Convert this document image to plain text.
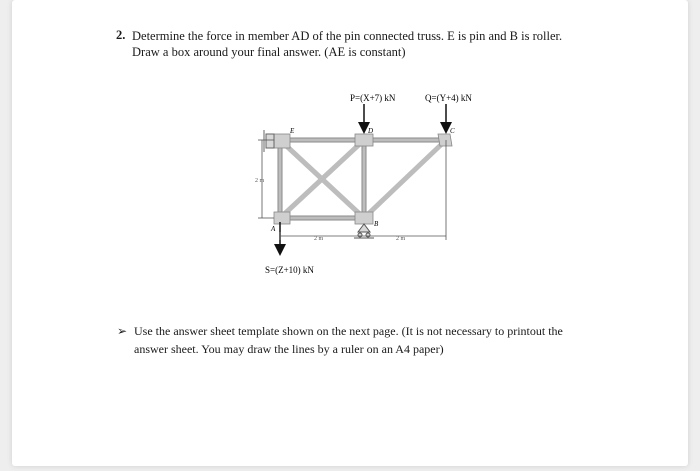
2. Determine the force in member AD of the pin connected truss. E is pin and B is roller.
Draw a box around your final answer. (AE is constant)
P=(X+7) kN	Q=(Y+4) kN
S=(Z+10) kN
E	D	C
A
B
2 m
2 m	2 m
➢ Use the answer sheet template shown on the next page. (It is not necessary to printout the
answer sheet. You may draw the lines by a ruler on an A4 paper)
